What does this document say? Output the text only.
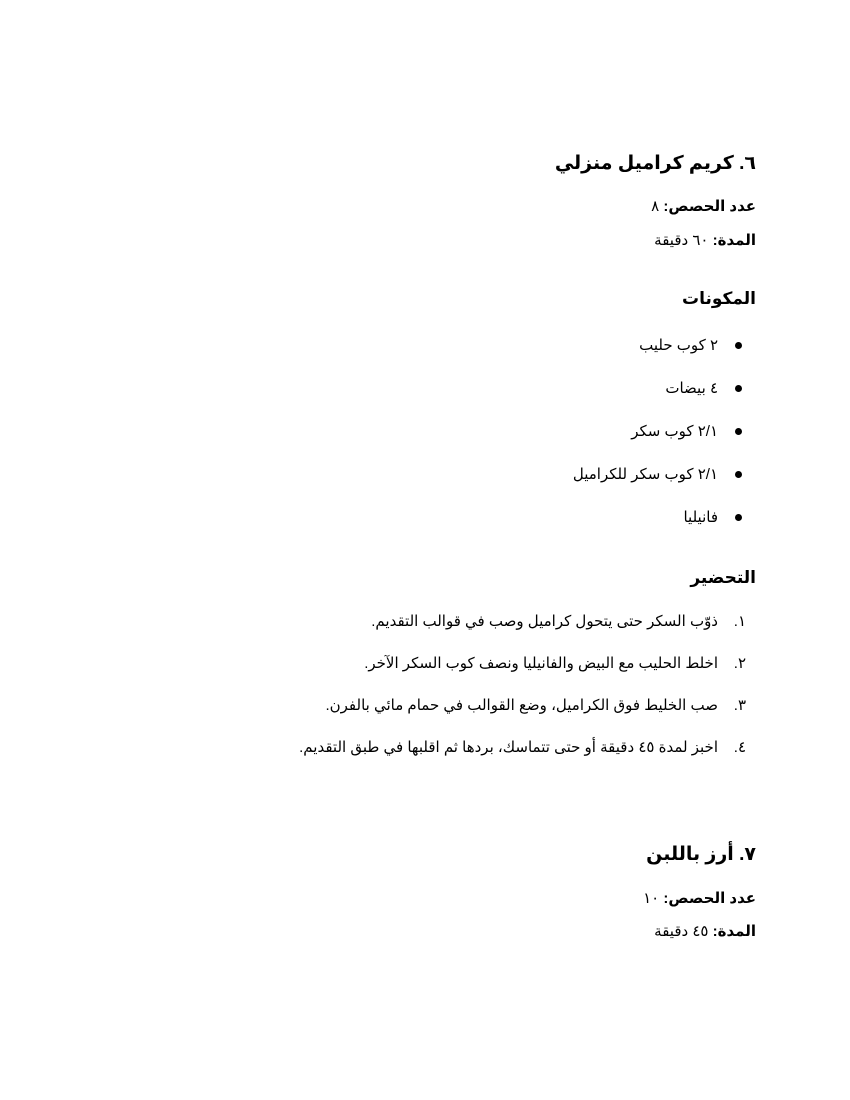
٦. كريم كراميل منزلي

عدد الحصص: ٨

المدة: ٦٠ دقيقة

المكونات
٢ كوب حليب
٤ بيضات
٢/١ كوب سكر
٢/١ كوب سكر للكراميل
فانيليا
التحضير
١.
ذوّب السكر حتى يتحول كراميل وصب في قوالب التقديم.
٢.
اخلط الحليب مع البيض والفانيليا ونصف كوب السكر الآخر.
٣.
صب الخليط فوق الكراميل، وضع القوالب في حمام مائي بالفرن.
٤.
اخبز لمدة ٤٥ دقيقة أو حتى تتماسك، بردها ثم اقلبها في طبق التقديم.
٧. أرز باللبن

عدد الحصص: ١٠

المدة: ٤٥ دقيقة
